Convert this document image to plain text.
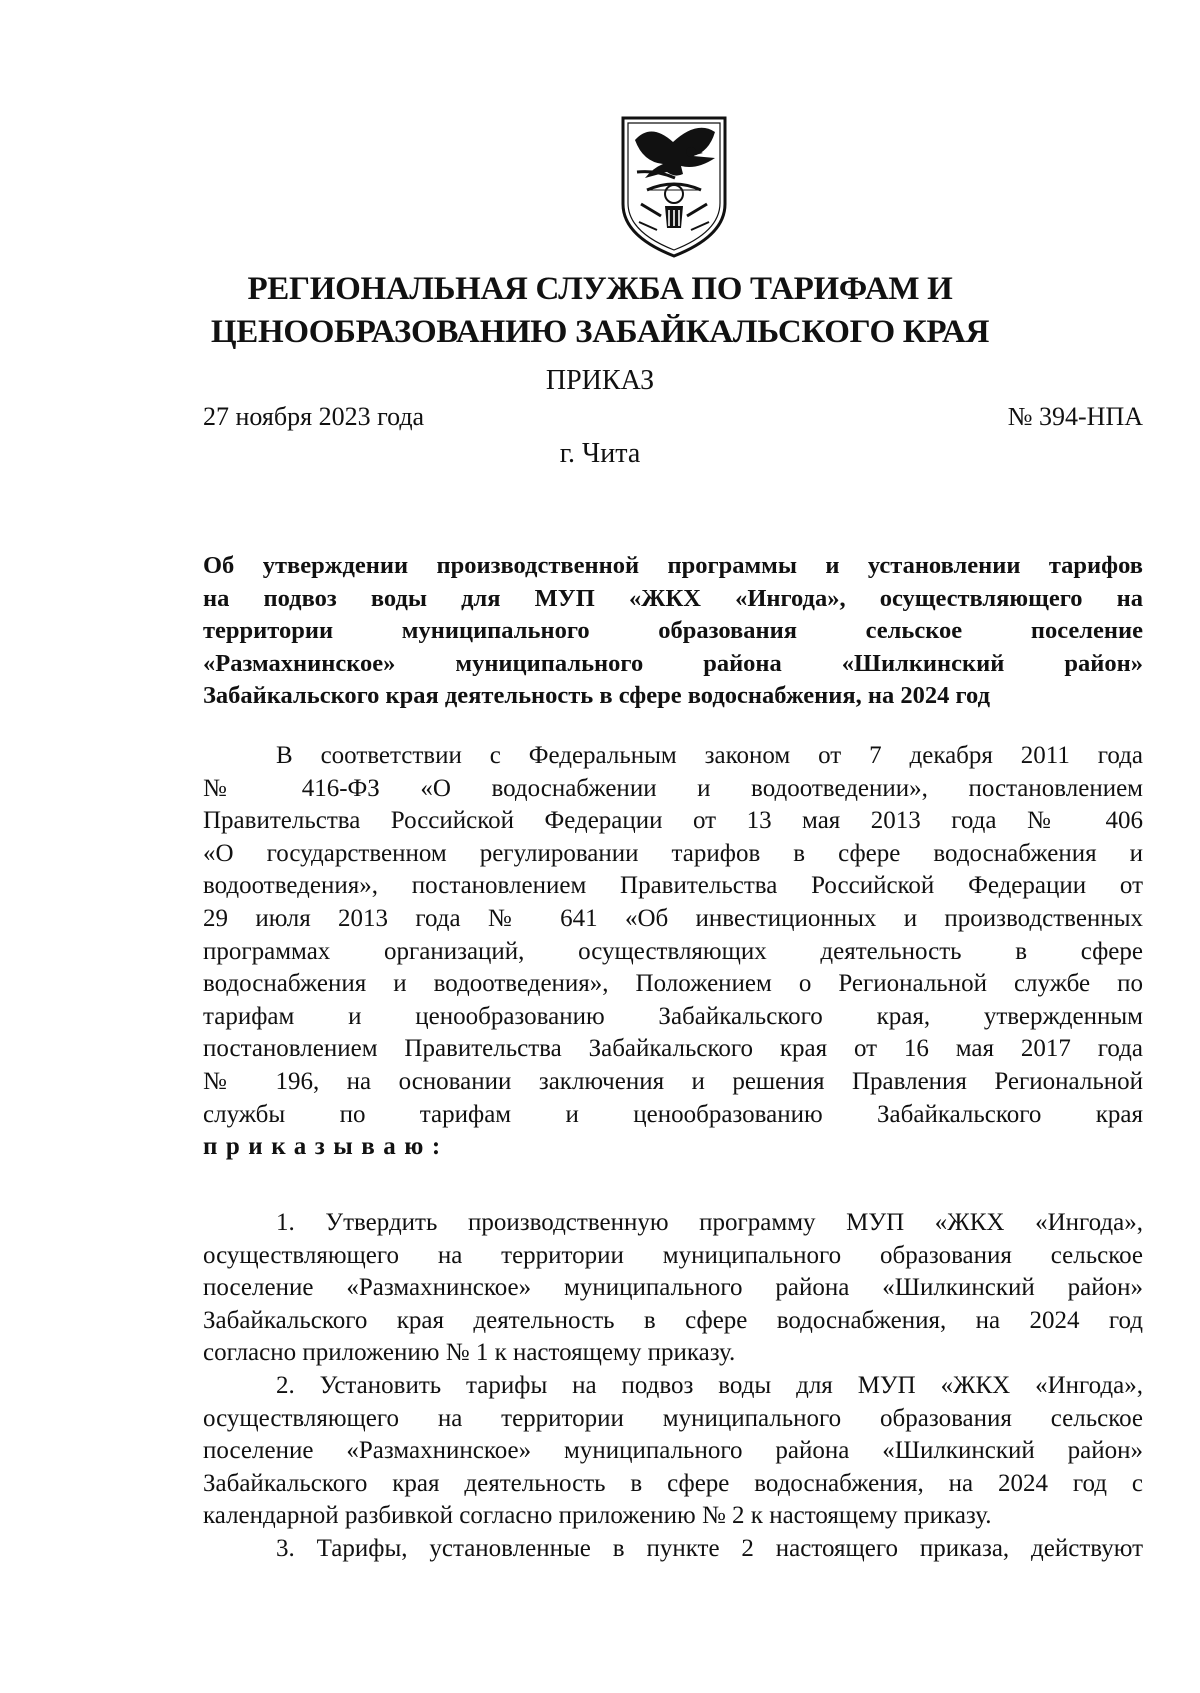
РЕГИОНАЛЬНАЯ СЛУЖБА ПО ТАРИФАМ И
ЦЕНООБРАЗОВАНИЮ ЗАБАЙКАЛЬСКОГО КРАЯ
ПРИКАЗ
27 ноября 2023 года	№ 394-НПА
г. Чита
Об утверждении производственной программы и установлении тарифов
на подвоз воды для МУП «ЖКХ «Ингода», осуществляющего на
территории муниципального образования сельское поселение
«Размахнинское» муниципального района «Шилкинский район»
Забайкальского края деятельность в сфере водоснабжения, на 2024 год
В соответствии с Федеральным законом от 7 декабря 2011 года
№ 416-ФЗ «О водоснабжении и водоотведении», постановлением
Правительства Российской Федерации от 13 мая 2013 года № 406
«О государственном регулировании тарифов в сфере водоснабжения и
водоотведения», постановлением Правительства Российской Федерации от
29 июля 2013 года № 641 «Об инвестиционных и производственных
программах организаций, осуществляющих деятельность в сфере
водоснабжения и водоотведения», Положением о Региональной службе по
тарифам и ценообразованию Забайкальского края, утвержденным
постановлением Правительства Забайкальского края от 16 мая 2017 года
№ 196, на основании заключения и решения Правления Региональной
службы по тарифам и ценообразованию Забайкальского края
приказываю:
1. Утвердить производственную программу МУП «ЖКХ «Ингода»,
осуществляющего на территории муниципального образования сельское
поселение «Размахнинское» муниципального района «Шилкинский район»
Забайкальского края деятельность в сфере водоснабжения, на 2024 год
согласно приложению № 1 к настоящему приказу.
2. Установить тарифы на подвоз воды для МУП «ЖКХ «Ингода»,
осуществляющего на территории муниципального образования сельское
поселение «Размахнинское» муниципального района «Шилкинский район»
Забайкальского края деятельность в сфере водоснабжения, на 2024 год с
календарной разбивкой согласно приложению № 2 к настоящему приказу.
3. Тарифы, установленные в пункте 2 настоящего приказа, действуют
